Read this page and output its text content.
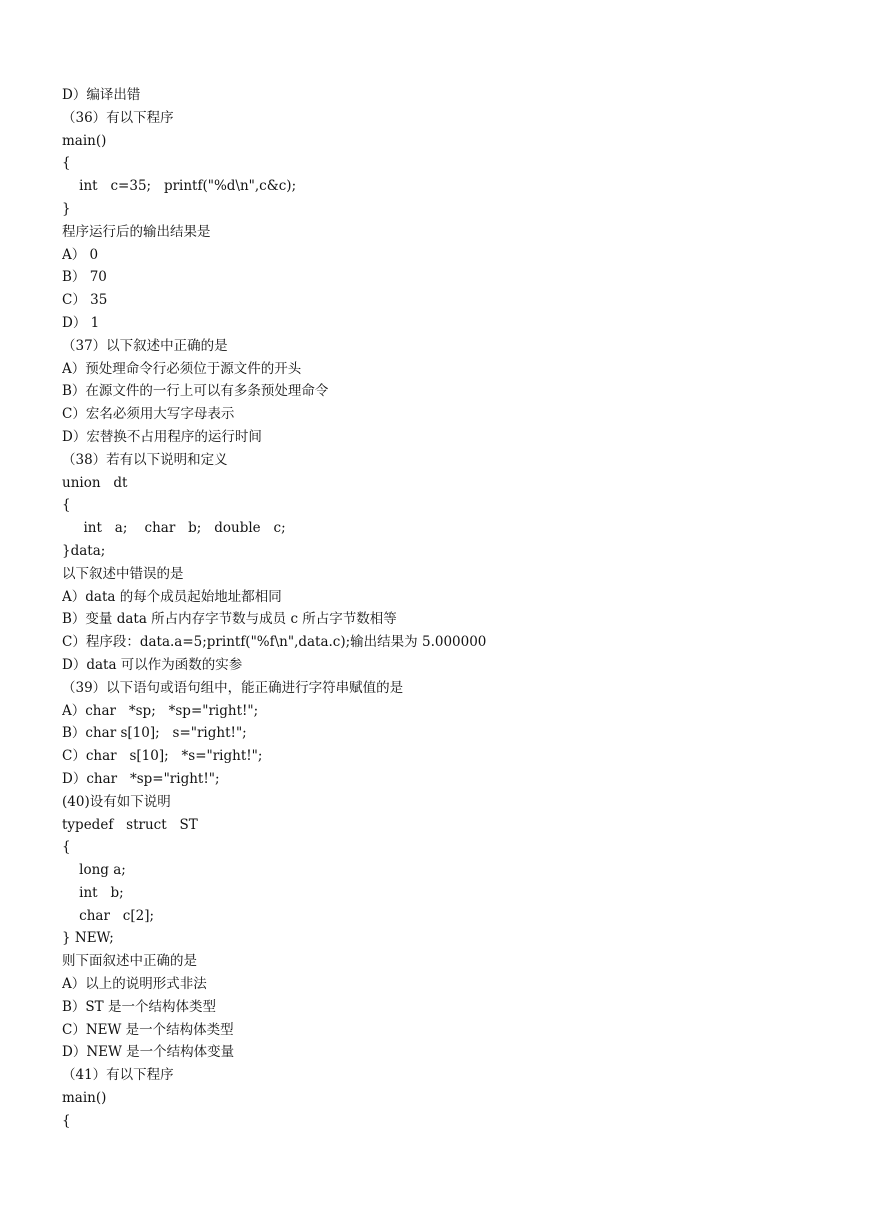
D）编译出错
（36）有以下程序
main()
{
int   c=35;   printf("%d\n",c&c);
}
程序运行后的输出结果是
A） 0
B） 70
C） 35
D） 1
（37）以下叙述中正确的是
A）预处理命令行必须位于源文件的开头
B）在源文件的一行上可以有多条预处理命令
C）宏名必须用大写字母表示
D）宏替换不占用程序的运行时间
（38）若有以下说明和定义
union   dt
{
int   a;    char   b;   double   c;
}data;
以下叙述中错误的是
A）data 的每个成员起始地址都相同
B）变量 data 所占内存字节数与成员 c 所占字节数相等
C）程序段：data.a=5;printf("%f\n",data.c);输出结果为 5.000000
D）data 可以作为函数的实参
（39）以下语句或语句组中，能正确进行字符串赋值的是
A）char   *sp;   *sp="right!";
B）char s[10];   s="right!";
C）char   s[10];   *s="right!";
D）char   *sp="right!";
(40)设有如下说明
typedef   struct   ST
{
long a;
int   b;
char   c[2];
} NEW;
则下面叙述中正确的是
A）以上的说明形式非法
B）ST 是一个结构体类型
C）NEW 是一个结构体类型
D）NEW 是一个结构体变量
（41）有以下程序
main()
{
